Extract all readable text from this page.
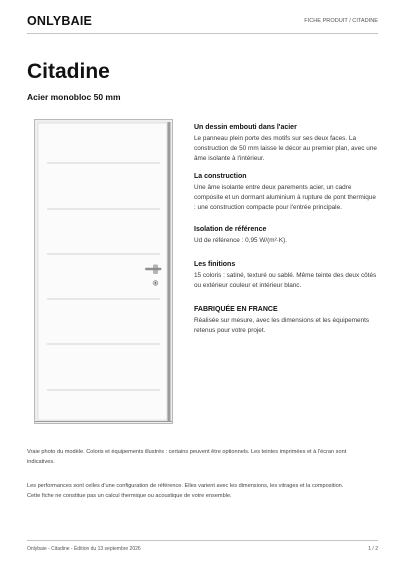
ONLYBAIE	FICHE PRODUIT / CITADINE
Citadine
Acier monobloc 50 mm
Un dessin embouti dans l'acier
Le panneau plein porte des motifs sur ses deux faces. La
construction de 50 mm laisse le décor au premier plan, avec une
âme isolante à l'intérieur.
La construction
Une âme isolante entre deux parements acier, un cadre
composite et un dormant aluminium à rupture de pont thermique
: une construction compacte pour l'entrée principale.
Isolation de référence
Ud de référence : 0,95 W/(m²·K).
Les finitions
15 coloris : satiné, texturé ou sablé. Même teinte des deux côtés
ou extérieur couleur et intérieur blanc.
FABRIQUÉE EN FRANCE
Réalisée sur mesure, avec les dimensions et les équipements
retenus pour votre projet.
Vraie photo du modèle. Coloris et équipements illustrés : certains peuvent être optionnels. Les teintes imprimées et à l'écran sont
indicatives.
Les performances sont celles d'une configuration de référence. Elles varient avec les dimensions, les vitrages et la composition.
Cette fiche ne constitue pas un calcul thermique ou acoustique de votre ensemble.
Onlybaie - Citadine - Édition du 13 septembre 2026	1 / 2
